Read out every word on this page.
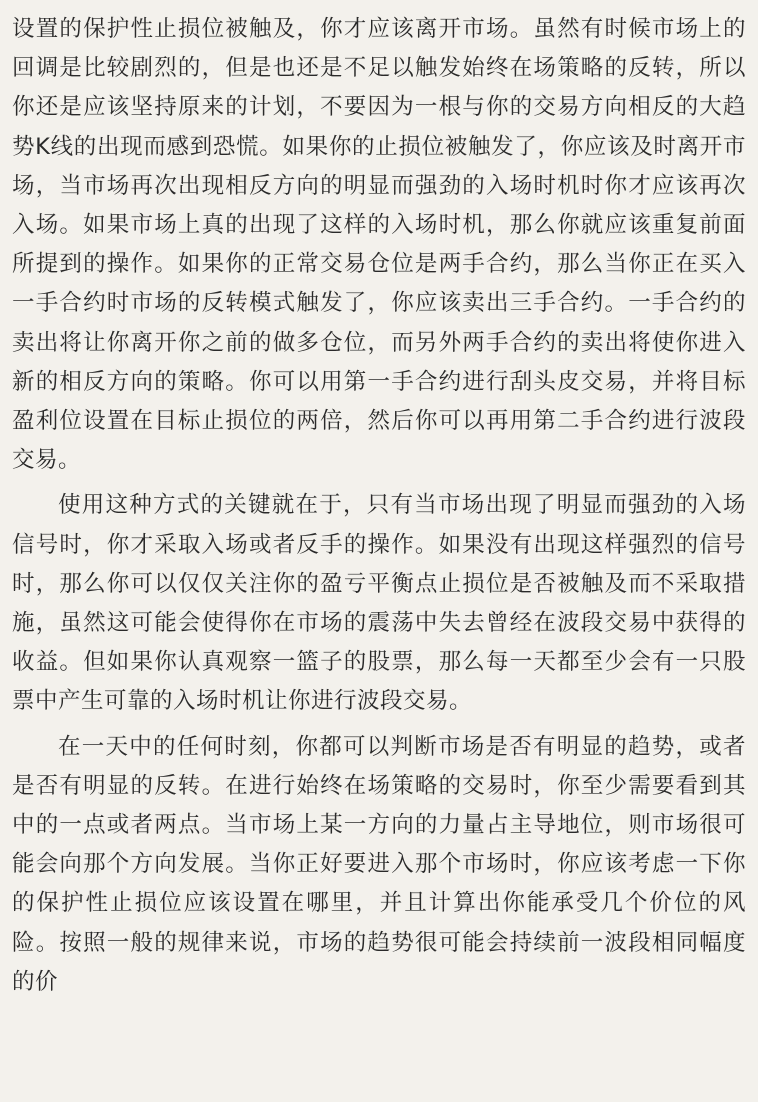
设置的保护性止损位被触及，你才应该离开市场。虽然有时候市场上的回调是比较剧烈的，但是也还是不足以触发始终在场策略的反转，所以你还是应该坚持原来的计划，不要因为一根与你的交易方向相反的大趋势K线的出现而感到恐慌。如果你的止损位被触发了，你应该及时离开市场，当市场再次出现相反方向的明显而强劲的入场时机时你才应该再次入场。如果市场上真的出现了这样的入场时机，那么你就应该重复前面所提到的操作。如果你的正常交易仓位是两手合约，那么当你正在买入一手合约时市场的反转模式触发了，你应该卖出三手合约。一手合约的卖出将让你离开你之前的做多仓位，而另外两手合约的卖出将使你进入新的相反方向的策略。你可以用第一手合约进行刮头皮交易，并将目标盈利位设置在目标止损位的两倍，然后你可以再用第二手合约进行波段交易。

使用这种方式的关键就在于，只有当市场出现了明显而强劲的入场信号时，你才采取入场或者反手的操作。如果没有出现这样强烈的信号时，那么你可以仅仅关注你的盈亏平衡点止损位是否被触及而不采取措施，虽然这可能会使得你在市场的震荡中失去曾经在波段交易中获得的收益。但如果你认真观察一篮子的股票，那么每一天都至少会有一只股票中产生可靠的入场时机让你进行波段交易。

在一天中的任何时刻，你都可以判断市场是否有明显的趋势，或者是否有明显的反转。在进行始终在场策略的交易时，你至少需要看到其中的一点或者两点。当市场上某一方向的力量占主导地位，则市场很可能会向那个方向发展。当你正好要进入那个市场时，你应该考虑一下你的保护性止损位应该设置在哪里，并且计算出你能承受几个价位的风险。按照一般的规律来说，市场的趋势很可能会持续前一波段相同幅度的价
